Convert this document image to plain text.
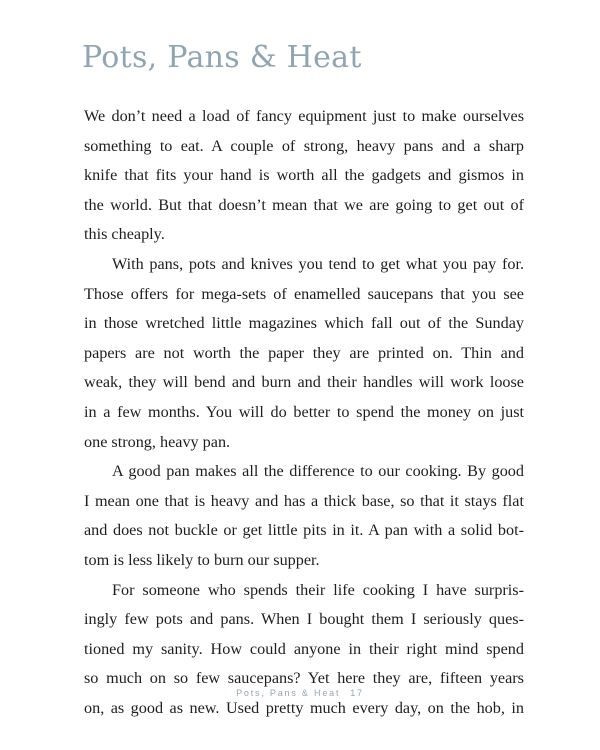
Pots, Pans & Heat
We don’t need a load of fancy equipment just to make ourselves
something to eat. A couple of strong, heavy pans and a sharp
knife that fits your hand is worth all the gadgets and gismos in
the world. But that doesn’t mean that we are going to get out of
this cheaply.
With pans, pots and knives you tend to get what you pay for.
Those offers for mega-sets of enamelled saucepans that you see
in those wretched little magazines which fall out of the Sunday
papers are not worth the paper they are printed on. Thin and
weak, they will bend and burn and their handles will work loose
in a few months. You will do better to spend the money on just
one strong, heavy pan.
A good pan makes all the difference to our cooking. By good
I mean one that is heavy and has a thick base, so that it stays flat
and does not buckle or get little pits in it. A pan with a solid bot-
tom is less likely to burn our supper.
For someone who spends their life cooking I have surpris-
ingly few pots and pans. When I bought them I seriously ques-
tioned my sanity. How could anyone in their right mind spend
so much on so few saucepans? Yet here they are, fifteen years
on, as good as new. Used pretty much every day, on the hob, in
Pots, Pans & Heat 17
